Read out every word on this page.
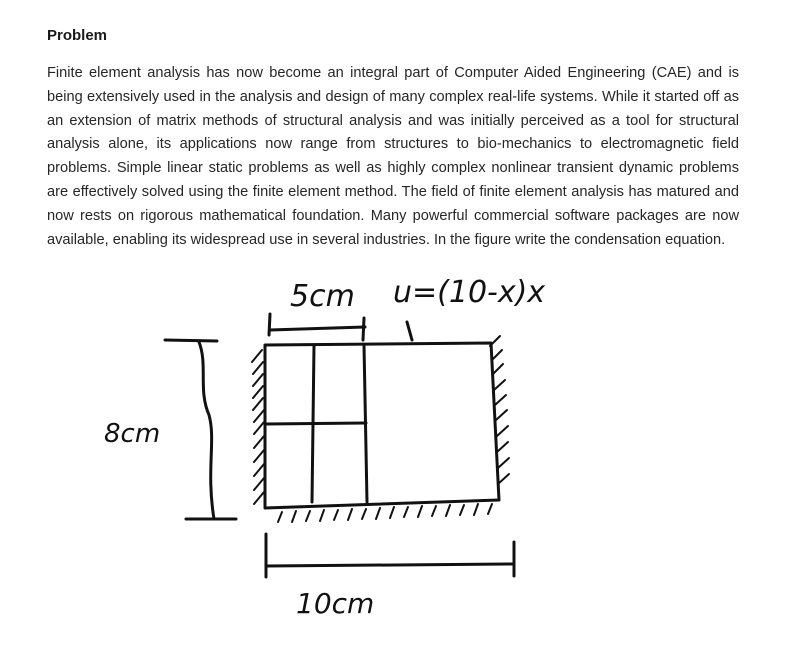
Problem

Finite element analysis has now become an integral part of Computer Aided Engineering (CAE) and is being extensively used in the analysis and design of many complex real-life systems. While it started off as an extension of matrix methods of structural analysis and was initially perceived as a tool for structural analysis alone, its applications now range from structures to bio-mechanics to electromagnetic field problems. Simple linear static problems as well as highly complex nonlinear transient dynamic problems are effectively solved using the finite element method. The field of finite element analysis has matured and now rests on rigorous mathematical foundation. Many powerful commercial software packages are now available, enabling its widespread use in several industries. In the figure write the condensation equation.

5cm u=(10-x)x
8cm
10cm
